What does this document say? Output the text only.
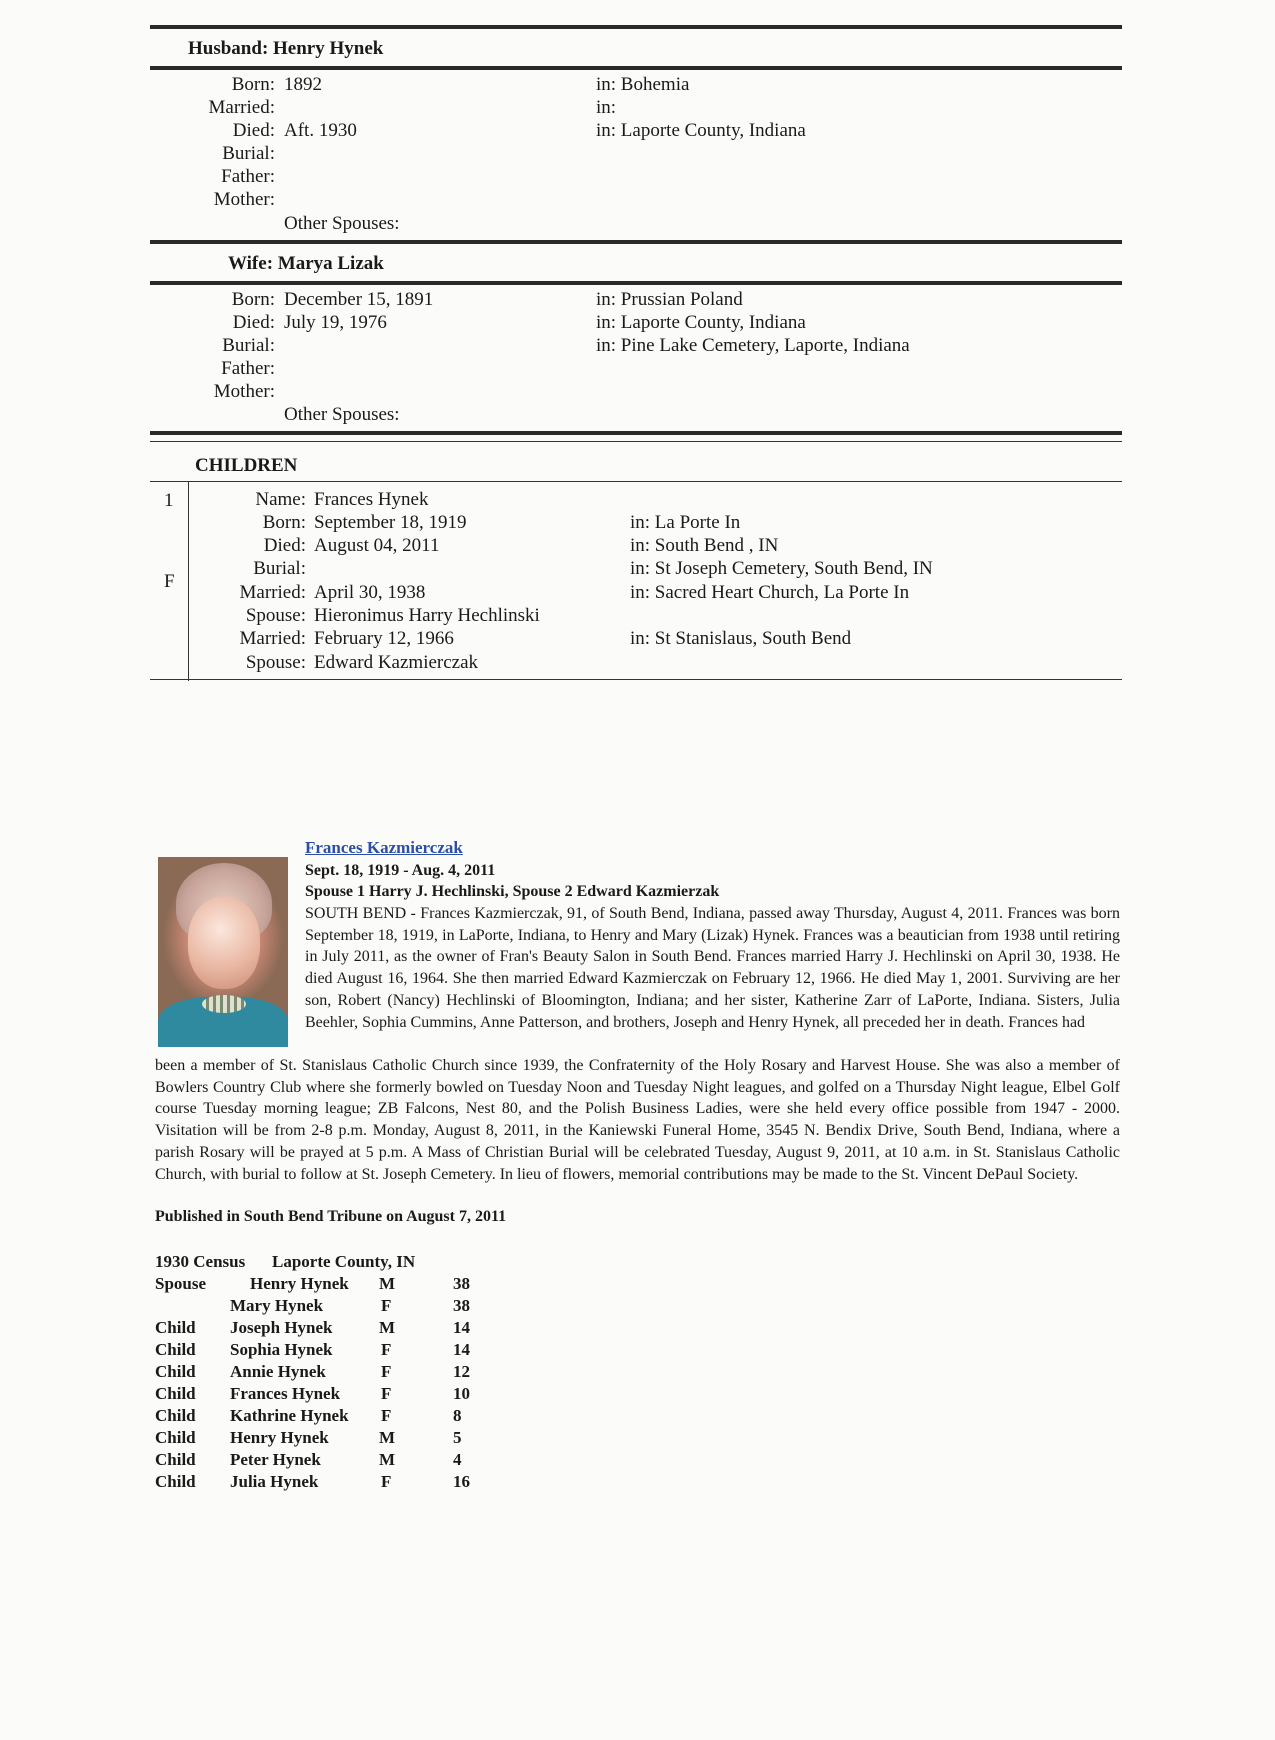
Husband: Henry Hynek
Born: 1892	in: Bohemia
Married:	in:
Died: Aft. 1930	in: Laporte County, Indiana
Burial:
Father:
Mother:
Other Spouses:
Wife: Marya Lizak
Born: December 15, 1891	in: Prussian Poland
Died: July 19, 1976	in: Laporte County, Indiana
Burial:	in: Pine Lake Cemetery, Laporte, Indiana
Father:
Mother:
Other Spouses:
CHILDREN
1
F
Name: Frances Hynek
Born: September 18, 1919	in: La Porte In
Died: August 04, 2011	in: South Bend , IN
Burial:	in: St Joseph Cemetery, South Bend, IN
Married: April 30, 1938	in: Sacred Heart Church, La Porte In
Spouse: Hieronimus Harry Hechlinski
Married: February 12, 1966	in: St Stanislaus, South Bend
Spouse: Edward Kazmierczak
Frances Kazmierczak
Sept. 18, 1919 - Aug. 4, 2011
Spouse 1 Harry J. Hechlinski, Spouse 2 Edward Kazmierzak
SOUTH BEND - Frances Kazmierczak, 91, of South Bend, Indiana, passed away Thursday, August 4, 2011. Frances was born September 18, 1919, in LaPorte, Indiana, to Henry and Mary (Lizak) Hynek. Frances was a beautician from 1938 until retiring in July 2011, as the owner of Fran's Beauty Salon in South Bend. Frances married Harry J. Hechlinski on April 30, 1938. He died August 16, 1964. She then married Edward Kazmierczak on February 12, 1966. He died May 1, 2001. Surviving are her son, Robert (Nancy) Hechlinski of Bloomington, Indiana; and her sister, Katherine Zarr of LaPorte, Indiana. Sisters, Julia Beehler, Sophia Cummins, Anne Patterson, and brothers, Joseph and Henry Hynek, all preceded her in death. Frances had
been a member of St. Stanislaus Catholic Church since 1939, the Confraternity of the Holy Rosary and Harvest House. She was also a member of Bowlers Country Club where she formerly bowled on Tuesday Noon and Tuesday Night leagues, and golfed on a Thursday Night league, Elbel Golf course Tuesday morning league; ZB Falcons, Nest 80, and the Polish Business Ladies, were she held every office possible from 1947 - 2000. Visitation will be from 2-8 p.m. Monday, August 8, 2011, in the Kaniewski Funeral Home, 3545 N. Bendix Drive, South Bend, Indiana, where a parish Rosary will be prayed at 5 p.m. A Mass of Christian Burial will be celebrated Tuesday, August 9, 2011, at 10 a.m. in St. Stanislaus Catholic Church, with burial to follow at St. Joseph Cemetery. In lieu of flowers, memorial contributions may be made to the St. Vincent DePaul Society.
Published in South Bend Tribune on August 7, 2011
1930 Census Laporte County, IN
Spouse	Henry Hynek M	38
Mary Hynek	F	38
Child Joseph Hynek	M	14
Child Sophia Hynek	F	14
Child Annie Hynek	F	12
Child Frances Hynek F	10
Child Kathrine Hynek F	8
Child Henry Hynek	M	5
Child Peter Hynek	M	4
Child Julia Hynek	F	16
